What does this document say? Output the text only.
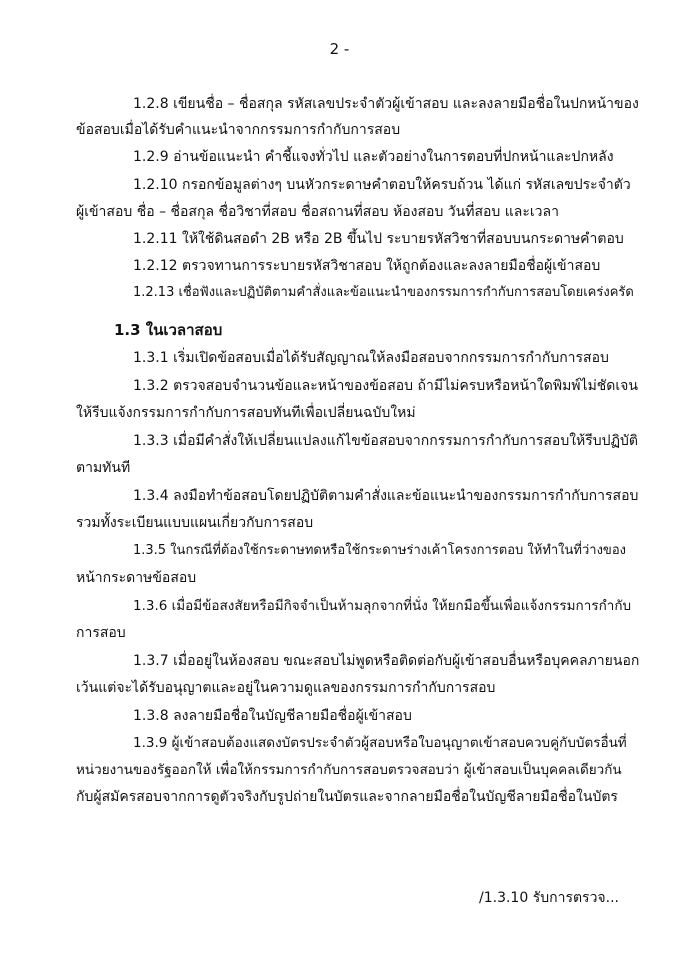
2 -
1.2.8 เขียนชื่อ – ชื่อสกุล รหัสเลขประจำตัวผู้เข้าสอบ และลงลายมือชื่อในปกหน้าของ
ข้อสอบเมื่อได้รับคำแนะนำจากกรรมการกำกับการสอบ
1.2.9 อ่านข้อแนะนำ คำชี้แจงทั่วไป และตัวอย่างในการตอบที่ปกหน้าและปกหลัง
1.2.10 กรอกข้อมูลต่างๆ บนหัวกระดาษคำตอบให้ครบถ้วน ได้แก่ รหัสเลขประจำตัว
ผู้เข้าสอบ ชื่อ – ชื่อสกุล ชื่อวิชาที่สอบ ชื่อสถานที่สอบ ห้องสอบ วันที่สอบ และเวลา
1.2.11 ให้ใช้ดินสอดำ 2B หรือ 2B ขึ้นไป ระบายรหัสวิชาที่สอบบนกระดาษคำตอบ
1.2.12 ตรวจทานการระบายรหัสวิชาสอบ ให้ถูกต้องและลงลายมือชื่อผู้เข้าสอบ
1.2.13 เชื่อฟังและปฏิบัติตามคำสั่งและข้อแนะนำของกรรมการกำกับการสอบโดยเคร่งครัด
1.3 ในเวลาสอบ
1.3.1 เริ่มเปิดข้อสอบเมื่อได้รับสัญญาณให้ลงมือสอบจากกรรมการกำกับการสอบ
1.3.2 ตรวจสอบจำนวนข้อและหน้าของข้อสอบ ถ้ามีไม่ครบหรือหน้าใดพิมพ์ไม่ชัดเจน
ให้รีบแจ้งกรรมการกำกับการสอบทันทีเพื่อเปลี่ยนฉบับใหม่
1.3.3 เมื่อมีคำสั่งให้เปลี่ยนแปลงแก้ไขข้อสอบจากกรรมการกำกับการสอบให้รีบปฏิบัติ
ตามทันที
1.3.4 ลงมือทำข้อสอบโดยปฏิบัติตามคำสั่งและข้อแนะนำของกรรมการกำกับการสอบ
รวมทั้งระเบียนแบบแผนเกี่ยวกับการสอบ
1.3.5 ในกรณีที่ต้องใช้กระดาษทดหรือใช้กระดาษร่างเค้าโครงการตอบ ให้ทำในที่ว่างของ
หน้ากระดาษข้อสอบ
1.3.6 เมื่อมีข้อสงสัยหรือมีกิจจำเป็นห้ามลุกจากที่นั่ง ให้ยกมือขึ้นเพื่อแจ้งกรรมการกำกับ
การสอบ
1.3.7 เมื่ออยู่ในห้องสอบ ขณะสอบไม่พูดหรือติดต่อกับผู้เข้าสอบอื่นหรือบุคคลภายนอก
เว้นแต่จะได้รับอนุญาตและอยู่ในความดูแลของกรรมการกำกับการสอบ
1.3.8 ลงลายมือชื่อในบัญชีลายมือชื่อผู้เข้าสอบ
1.3.9 ผู้เข้าสอบต้องแสดงบัตรประจำตัวผู้สอบหรือใบอนุญาตเข้าสอบควบคู่กับบัตรอื่นที่
หน่วยงานของรัฐออกให้ เพื่อให้กรรมการกำกับการสอบตรวจสอบว่า ผู้เข้าสอบเป็นบุคคลเดียวกัน
กับผู้สมัครสอบจากการดูตัวจริงกับรูปถ่ายในบัตรและจากลายมือชื่อในบัญชีลายมือชื่อในบัตร
/1.3.10 รับการตรวจ...
